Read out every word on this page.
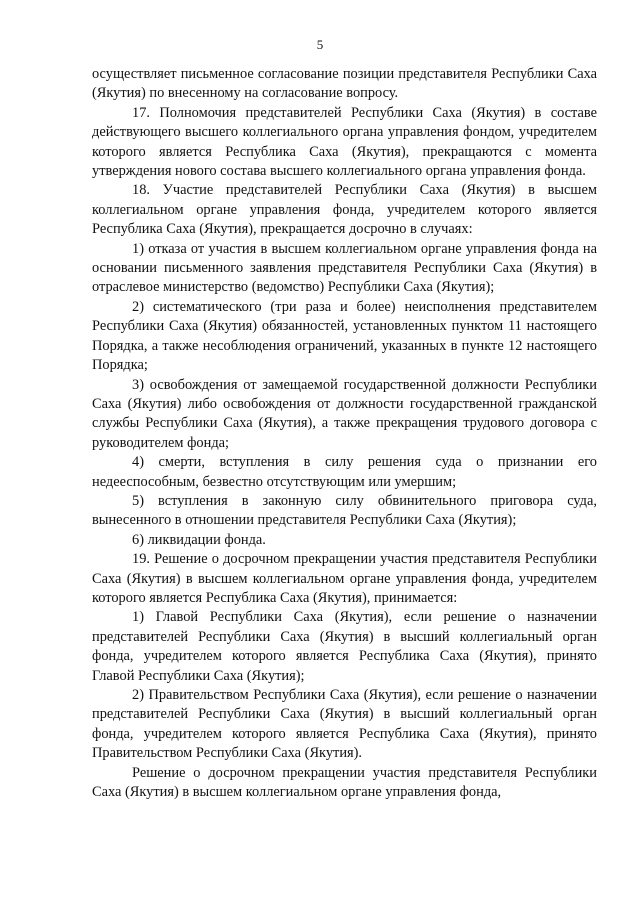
5

осуществляет письменное согласование позиции представителя Республики Саха (Якутия) по внесенному на согласование вопросу.

17. Полномочия представителей Республики Саха (Якутия) в составе действующего высшего коллегиального органа управления фондом, учредителем которого является Республика Саха (Якутия), прекращаются с момента утверждения нового состава высшего коллегиального органа управления фонда.

18. Участие представителей Республики Саха (Якутия) в высшем коллегиальном органе управления фонда, учредителем которого является Республика Саха (Якутия), прекращается досрочно в случаях:

1) отказа от участия в высшем коллегиальном органе управления фонда на основании письменного заявления представителя Республики Саха (Якутия) в отраслевое министерство (ведомство) Республики Саха (Якутия);

2) систематического (три раза и более) неисполнения представителем Республики Саха (Якутия) обязанностей, установленных пунктом 11 настоящего Порядка, а также несоблюдения ограничений, указанных в пункте 12 настоящего Порядка;

3) освобождения от замещаемой государственной должности Республики Саха (Якутия) либо освобождения от должности государственной гражданской службы Республики Саха (Якутия), а также прекращения трудового договора с руководителем фонда;

4) смерти, вступления в силу решения суда о признании его недееспособным, безвестно отсутствующим или умершим;

5) вступления в законную силу обвинительного приговора суда, вынесенного в отношении представителя Республики Саха (Якутия);

6) ликвидации фонда.

19. Решение о досрочном прекращении участия представителя Республики Саха (Якутия) в высшем коллегиальном органе управления фонда, учредителем которого является Республика Саха (Якутия), принимается:

1) Главой Республики Саха (Якутия), если решение о назначении представителей Республики Саха (Якутия) в высший коллегиальный орган фонда, учредителем которого является Республика Саха (Якутия), принято Главой Республики Саха (Якутия);

2) Правительством Республики Саха (Якутия), если решение о назначении представителей Республики Саха (Якутия) в высший коллегиальный орган фонда, учредителем которого является Республика Саха (Якутия), принято Правительством Республики Саха (Якутия).

Решение о досрочном прекращении участия представителя Республики Саха (Якутия) в высшем коллегиальном органе управления фонда,
